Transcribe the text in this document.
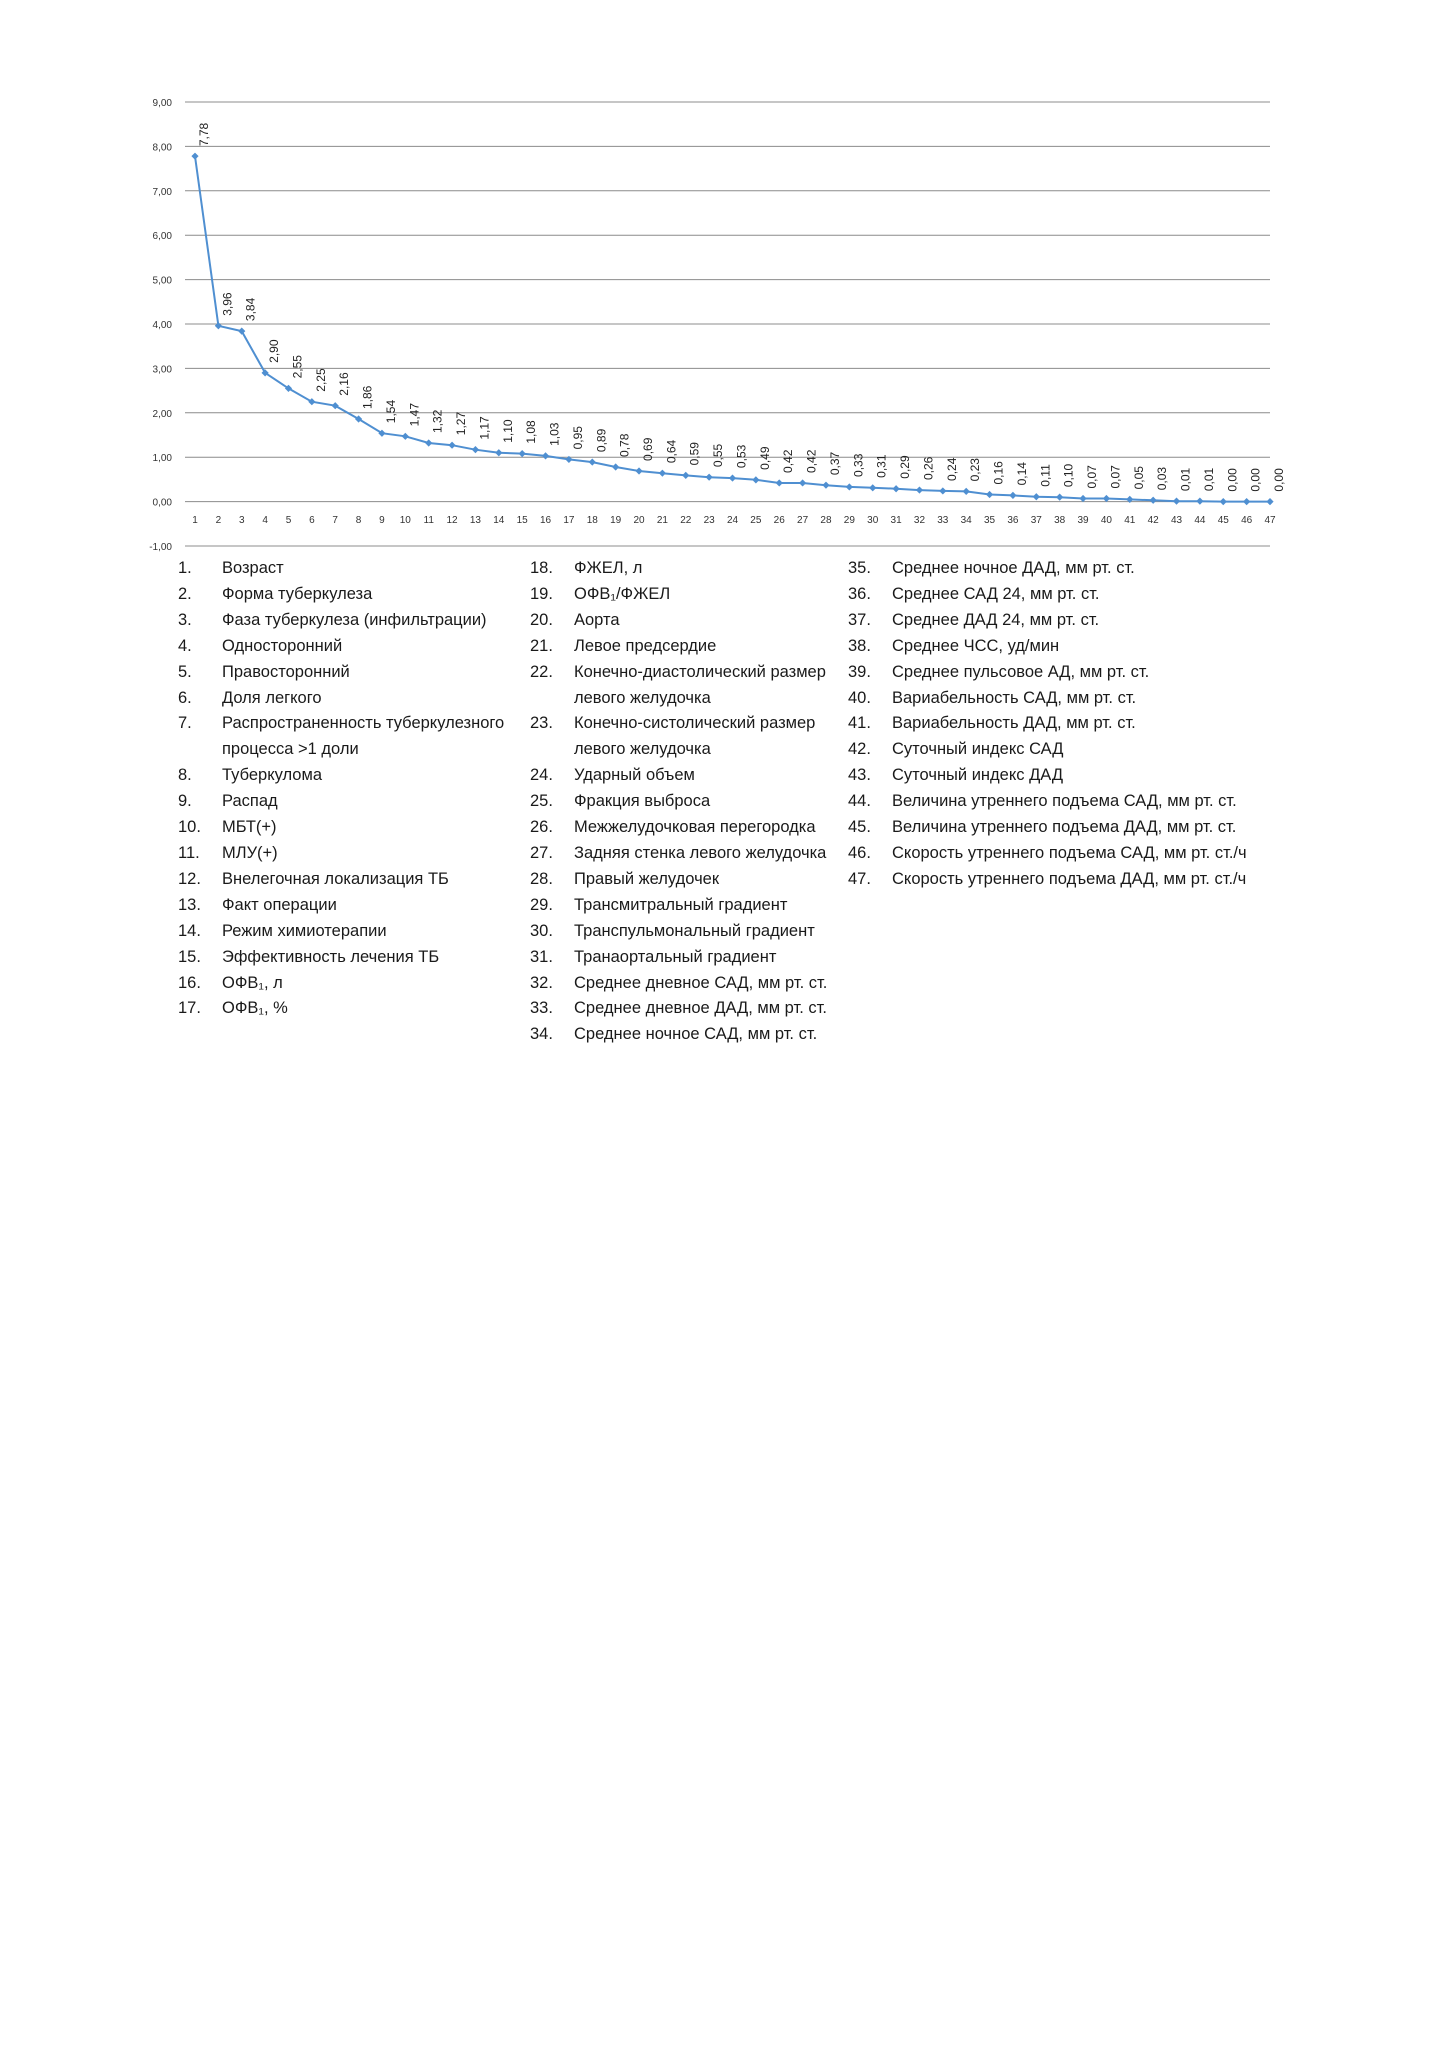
9,00
8,00
7,00
6,00
5,00
4,00
3,00
2,00
1,00
0,00
-1,00
1 2 3 4 5 6 7 8 9 10 11 12 13 14 15 16 17 18 19 20 21 22 23 24 25 26 27 28 29 30 31 32 33 34 35 36 37 38 39 40 41 42 43 44 45 46 47
7,78
3,96 3,84
2,90
2,55
2,25 2,16
1,86
1,54 1,47 1,32 1,27 1,17 1,10 1,08 1,03 0,95 0,89 0,78 0,69 0,64 0,59 0,55 0,53 0,49 0,42 0,42 0,37 0,33 0,31 0,29 0,26 0,24 0,23 0,16 0,14 0,11 0,10 0,07 0,07 0,05 0,03 0,01 0,01 0,00 0,00 0,00
1.	Возраст
2.	Форма туберкулеза
3.	Фаза туберкулеза (инфильтрации)
4.	Односторонний
5.	Правосторонний
6.	Доля легкого
7.	Распространенность туберкулезного процесса >1 доли
8.	Туберкулома
9.	Распад
10.	МБТ(+)
11.	МЛУ(+)
12.	Внелегочная локализация ТБ
13.	Факт операции
14.	Режим химиотерапии
15.	Эффективность лечения ТБ
16.	ОФВ₁, л
17.	ОФВ₁, %
18.	ФЖЕЛ, л
19.	ОФВ₁/ФЖЕЛ
20.	Аорта
21.	Левое предсердие
22.	Конечно-диастолический размер левого желудочка
23.	Конечно-систолический размер левого желудочка
24.	Ударный объем
25.	Фракция выброса
26.	Межжелудочковая перегородка
27.	Задняя стенка левого желудочка
28.	Правый желудочек
29.	Трансмитральный градиент
30.	Транспульмональный градиент
31.	Транаортальный градиент
32.	Среднее дневное САД, мм рт. ст.
33.	Среднее дневное ДАД, мм рт. ст.
34.	Среднее ночное САД, мм рт. ст.
35.	Среднее ночное ДАД, мм рт. ст.
36.	Среднее САД 24, мм рт. ст.
37.	Среднее ДАД 24, мм рт. ст.
38.	Среднее ЧСС, уд/мин
39.	Среднее пульсовое АД, мм рт. ст.
40.	Вариабельность САД, мм рт. ст.
41.	Вариабельность ДАД, мм рт. ст.
42.	Суточный индекс САД
43.	Суточный индекс ДАД
44.	Величина утреннего подъема САД, мм рт. ст.
45.	Величина утреннего подъема ДАД, мм рт. ст.
46.	Скорость утреннего подъема САД, мм рт. ст./ч
47.	Скорость утреннего подъема ДАД, мм рт. ст./ч
